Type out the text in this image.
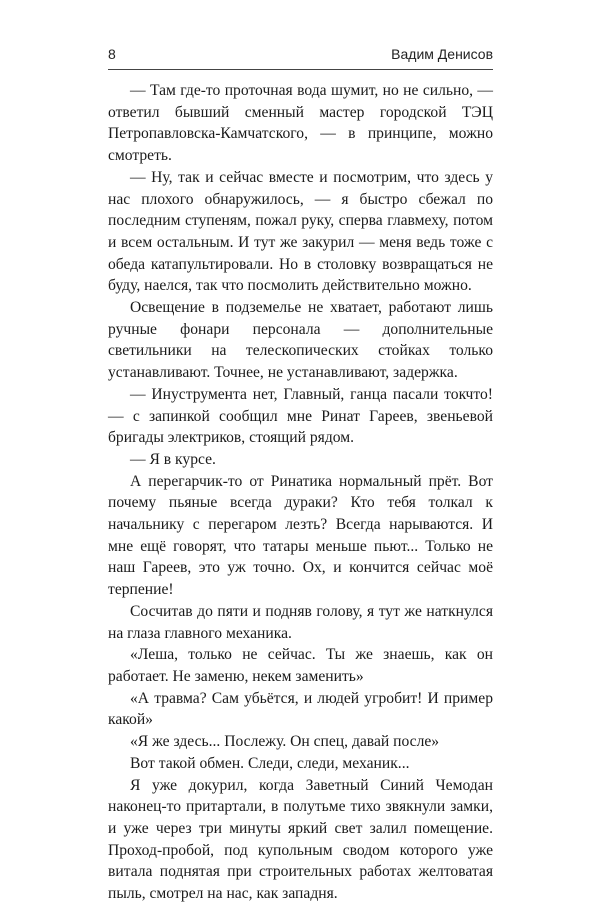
8	Вадим Денисов

— Там где-то проточная вода шумит, но не сильно, — ответил бывший сменный мастер городской ТЭЦ Петропавловска-Камчатского, — в принципе, можно смотреть.

— Ну, так и сейчас вместе и посмотрим, что здесь у нас плохого обнаружилось, — я быстро сбежал по последним ступеням, пожал руку, сперва главмеху, потом и всем остальным. И тут же закурил — меня ведь тоже с обеда катапультировали. Но в столовку возвращаться не буду, наелся, так что посмолить действительно можно.

Освещение в подземелье не хватает, работают лишь ручные фонари персонала — дополнительные светильники на телескопических стойках только устанавливают. Точнее, не устанавливают, задержка.

— Инуструмента нет, Главный, ганца пасали токчто! — с запинкой сообщил мне Ринат Гареев, звеньевой бригады электриков, стоящий рядом.

— Я в курсе.

А перегарчик-то от Ринатика нормальный прёт. Вот почему пьяные всегда дураки? Кто тебя толкал к начальнику с перегаром лезть? Всегда нарываются. И мне ещё говорят, что татары меньше пьют... Только не наш Гареев, это уж точно. Ох, и кончится сейчас моё терпение!

Сосчитав до пяти и подняв голову, я тут же наткнулся на глаза главного механика.

«Леша, только не сейчас. Ты же знаешь, как он работает. Не заменю, некем заменить»

«А травма? Сам убьётся, и людей угробит! И пример какой»

«Я же здесь... Послежу. Он спец, давай после»

Вот такой обмен. Следи, следи, механик...

Я уже докурил, когда Заветный Синий Чемодан наконец-то притартали, в полутьме тихо звякнули замки, и уже через три минуты яркий свет залил помещение. Проход-пробой, под купольным сводом которого уже витала поднятая при строительных работах желтоватая пыль, смотрел на нас, как западня.
